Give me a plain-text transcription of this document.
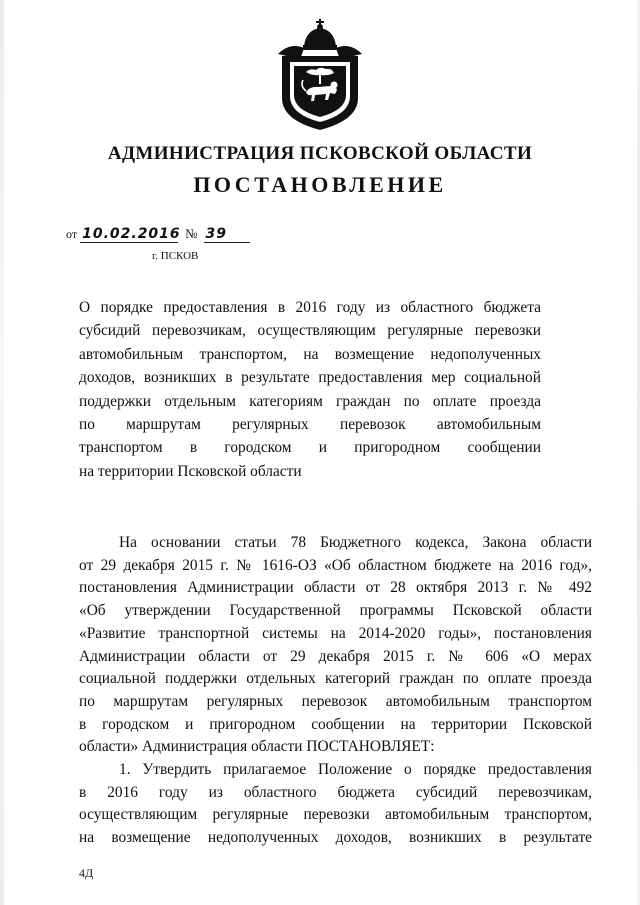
АДМИНИСТРАЦИЯ ПСКОВСКОЙ ОБЛАСТИ
ПОСТАНОВЛЕНИЕ
от 10.02.2016 № 39
г. ПСКОВ
О порядке предоставления в 2016 году из областного бюджета
субсидий перевозчикам, осуществляющим регулярные перевозки
автомобильным транспортом, на возмещение недополученных
доходов, возникших в результате предоставления мер социальной
поддержки отдельным категориям граждан по оплате проезда
по маршрутам регулярных перевозок автомобильным
транспортом в городском и пригородном сообщении
на территории Псковской области
На основании статьи 78 Бюджетного кодекса, Закона области
от 29 декабря 2015 г. № 1616-ОЗ «Об областном бюджете на 2016 год»,
постановления Администрации области от 28 октября 2013 г. № 492
«Об утверждении Государственной программы Псковской области
«Развитие транспортной системы на 2014-2020 годы», постановления
Администрации области от 29 декабря 2015 г. № 606 «О мерах
социальной поддержки отдельных категорий граждан по оплате проезда
по маршрутам регулярных перевозок автомобильным транспортом
в городском и пригородном сообщении на территории Псковской
области» Администрация области ПОСТАНОВЛЯЕТ:
1. Утвердить прилагаемое Положение о порядке предоставления
в 2016 году из областного бюджета субсидий перевозчикам,
осуществляющим регулярные перевозки автомобильным транспортом,
на возмещение недополученных доходов, возникших в результате
4Д
